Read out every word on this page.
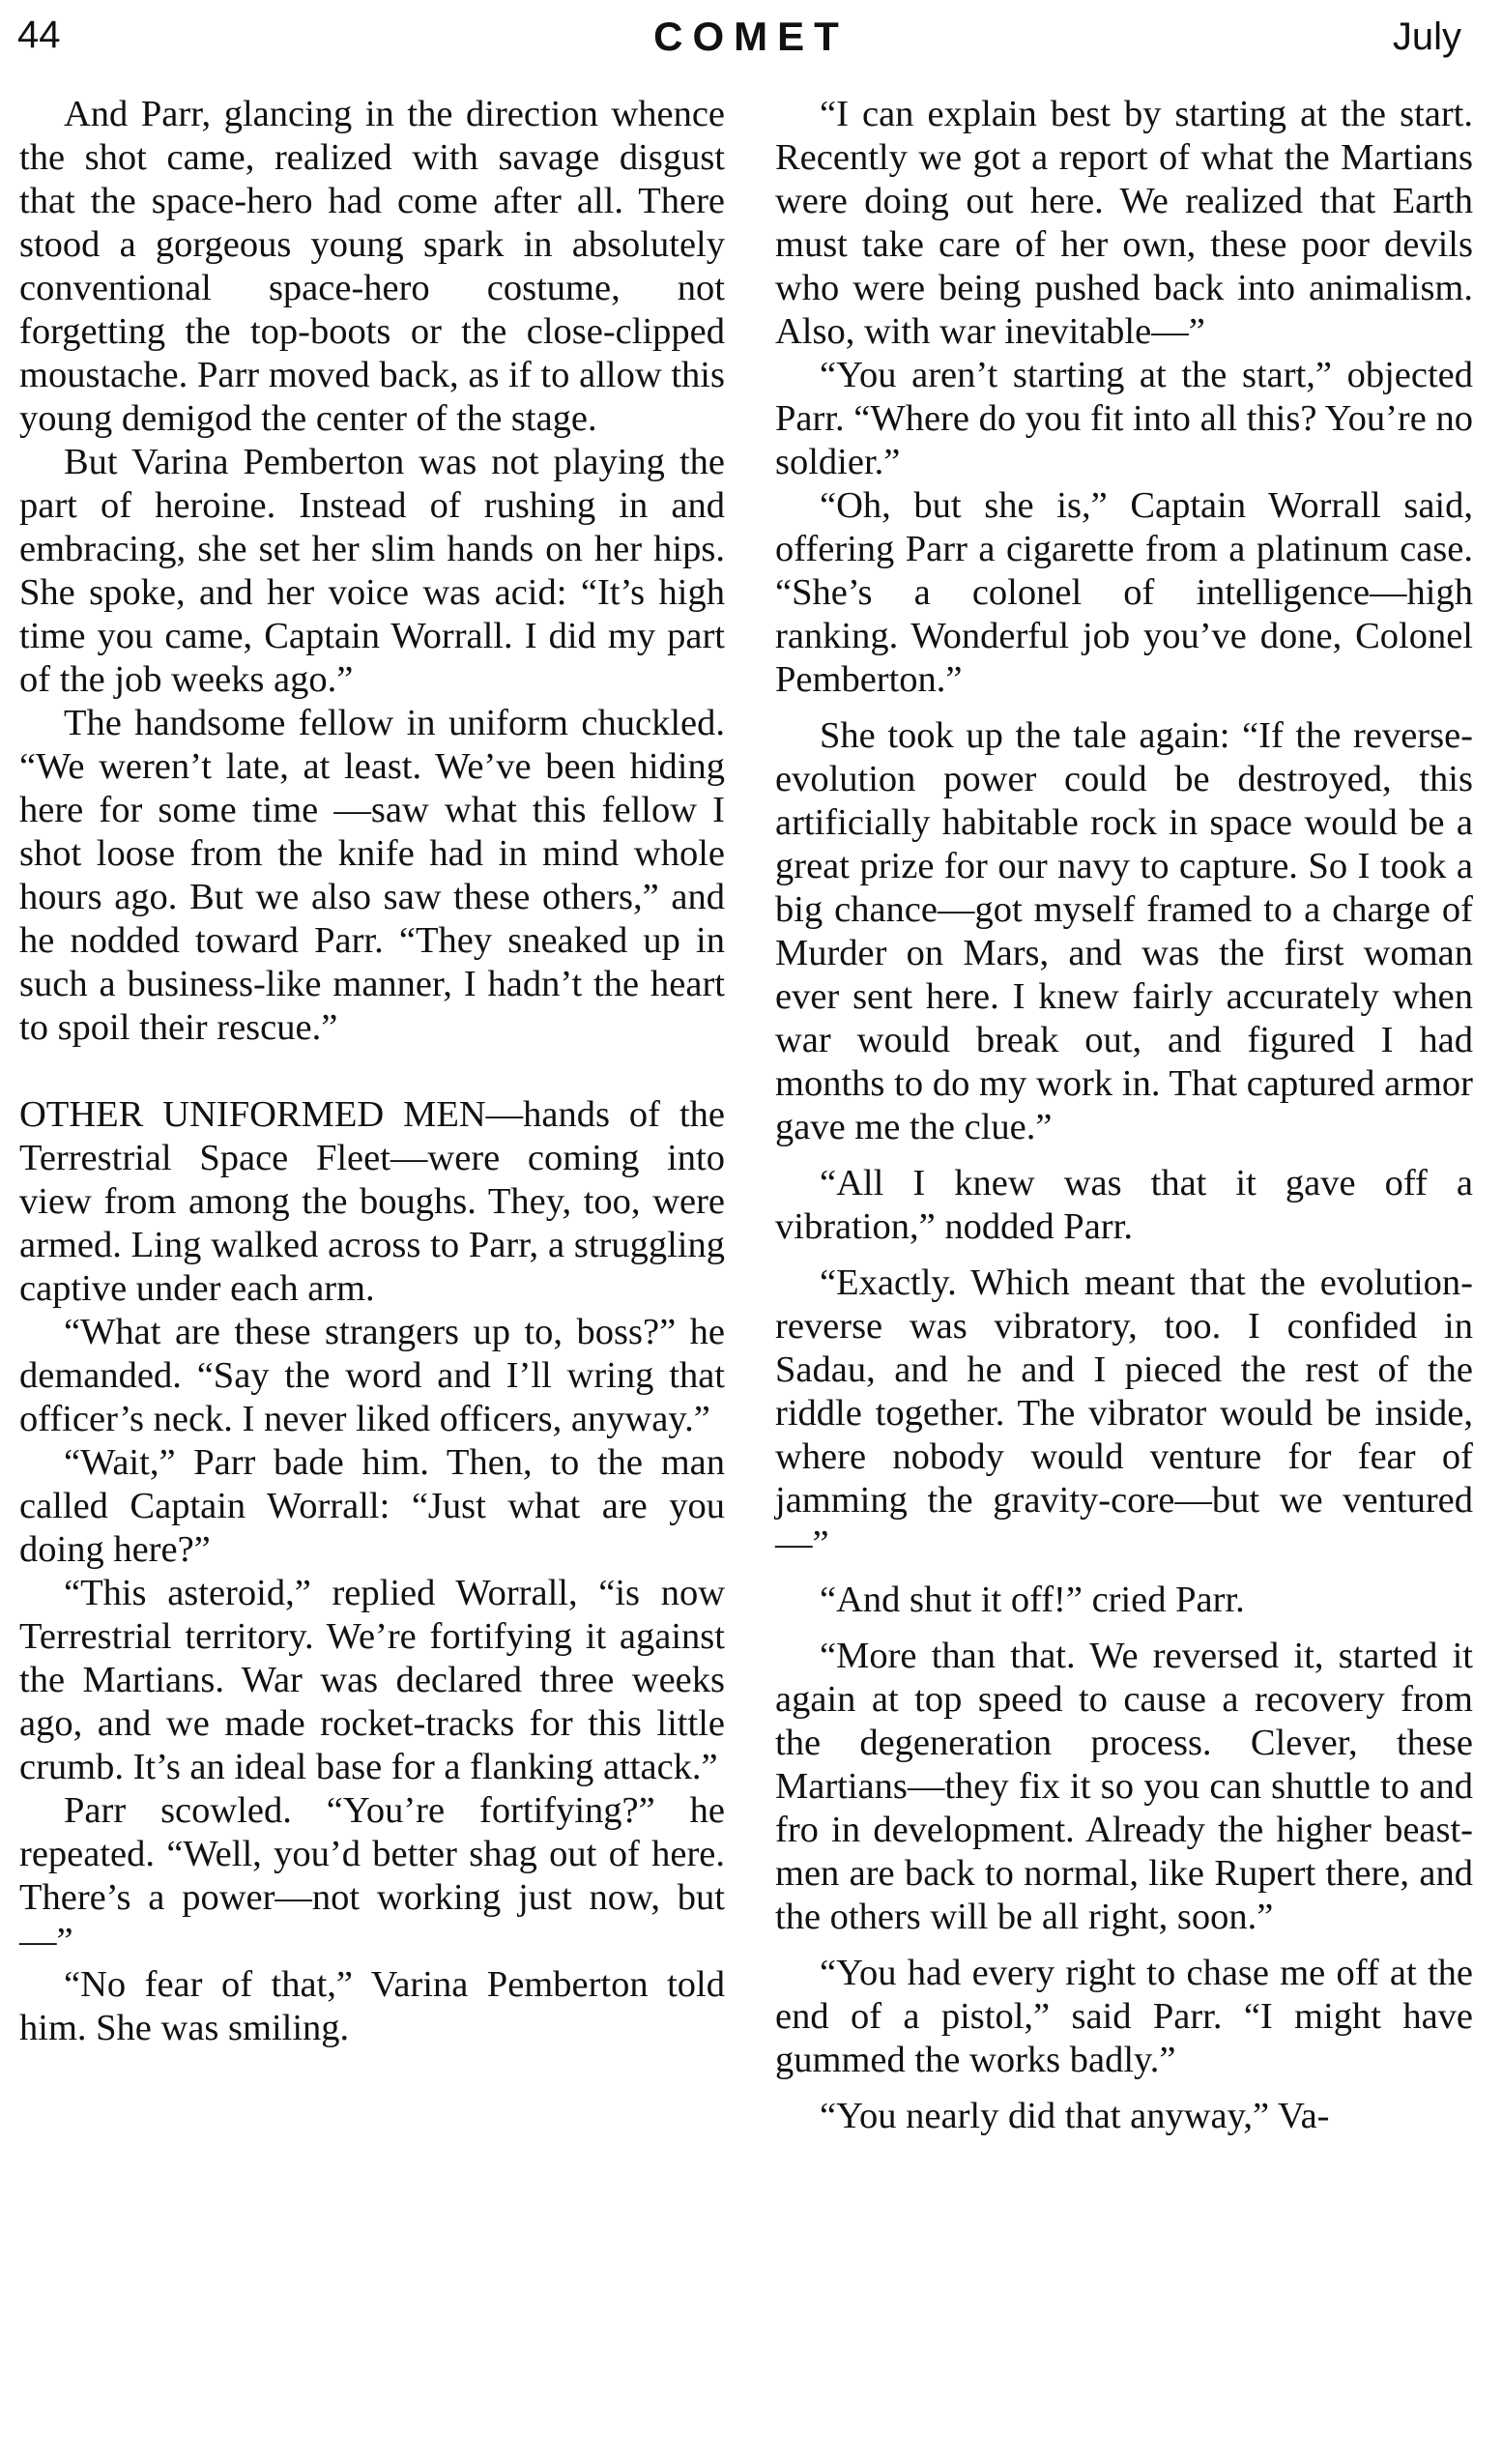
44	COMET	July

And Parr, glancing in the direction whence the shot came, realized with savage disgust that the space-hero had come after all. There stood a gorgeous young spark in absolutely conventional space-hero costume, not forgetting the top-boots or the close-clipped moustache. Parr moved back, as if to allow this young demigod the center of the stage.

But Varina Pemberton was not playing the part of heroine. Instead of rushing in and embracing, she set her slim hands on her hips. She spoke, and her voice was acid: “It’s high time you came, Captain Worrall. I did my part of the job weeks ago.”

The handsome fellow in uniform chuckled. “We weren’t late, at least. We’ve been hiding here for some time —saw what this fellow I shot loose from the knife had in mind whole hours ago. But we also saw these others,” and he nodded toward Parr. “They sneaked up in such a business-like manner, I hadn’t the heart to spoil their rescue.”

OTHER UNIFORMED MEN—hands of the Terrestrial Space Fleet—were coming into view from among the boughs. They, too, were armed. Ling walked across to Parr, a struggling captive under each arm.

“What are these strangers up to, boss?” he demanded. “Say the word and I’ll wring that officer’s neck. I never liked officers, anyway.”

“Wait,” Parr bade him. Then, to the man called Captain Worrall: “Just what are you doing here?”

“This asteroid,” replied Worrall, “is now Terrestrial territory. We’re fortifying it against the Martians. War was declared three weeks ago, and we made rocket-tracks for this little crumb. It’s an ideal base for a flanking attack.”

Parr scowled. “You’re fortifying?” he repeated. “Well, you’d better shag out of here. There’s a power—not working just now, but—”

“No fear of that,” Varina Pemberton told him. She was smiling.

“I can explain best by starting at the start. Recently we got a report of what the Martians were doing out here. We realized that Earth must take care of her own, these poor devils who were being pushed back into animalism. Also, with war inevitable—”

“You aren’t starting at the start,” objected Parr. “Where do you fit into all this? You’re no soldier.”

“Oh, but she is,” Captain Worrall said, offering Parr a cigarette from a platinum case. “She’s a colonel of intelligence—high ranking. Wonderful job you’ve done, Colonel Pemberton.”

She took up the tale again: “If the reverse-evolution power could be destroyed, this artificially habitable rock in space would be a great prize for our navy to capture. So I took a big chance—got myself framed to a charge of Murder on Mars, and was the first woman ever sent here. I knew fairly accurately when war would break out, and figured I had months to do my work in. That captured armor gave me the clue.”

“All I knew was that it gave off a vibration,” nodded Parr.

“Exactly. Which meant that the evolution-reverse was vibratory, too. I confided in Sadau, and he and I pieced the rest of the riddle together. The vibrator would be inside, where nobody would venture for fear of jamming the gravity-core—but we ventured—”

“And shut it off!” cried Parr.

“More than that. We reversed it, started it again at top speed to cause a recovery from the degeneration process. Clever, these Martians—they fix it so you can shuttle to and fro in development. Already the higher beast-men are back to normal, like Rupert there, and the others will be all right, soon.”

“You had every right to chase me off at the end of a pistol,” said Parr. “I might have gummed the works badly.”

“You nearly did that anyway,” Va-
